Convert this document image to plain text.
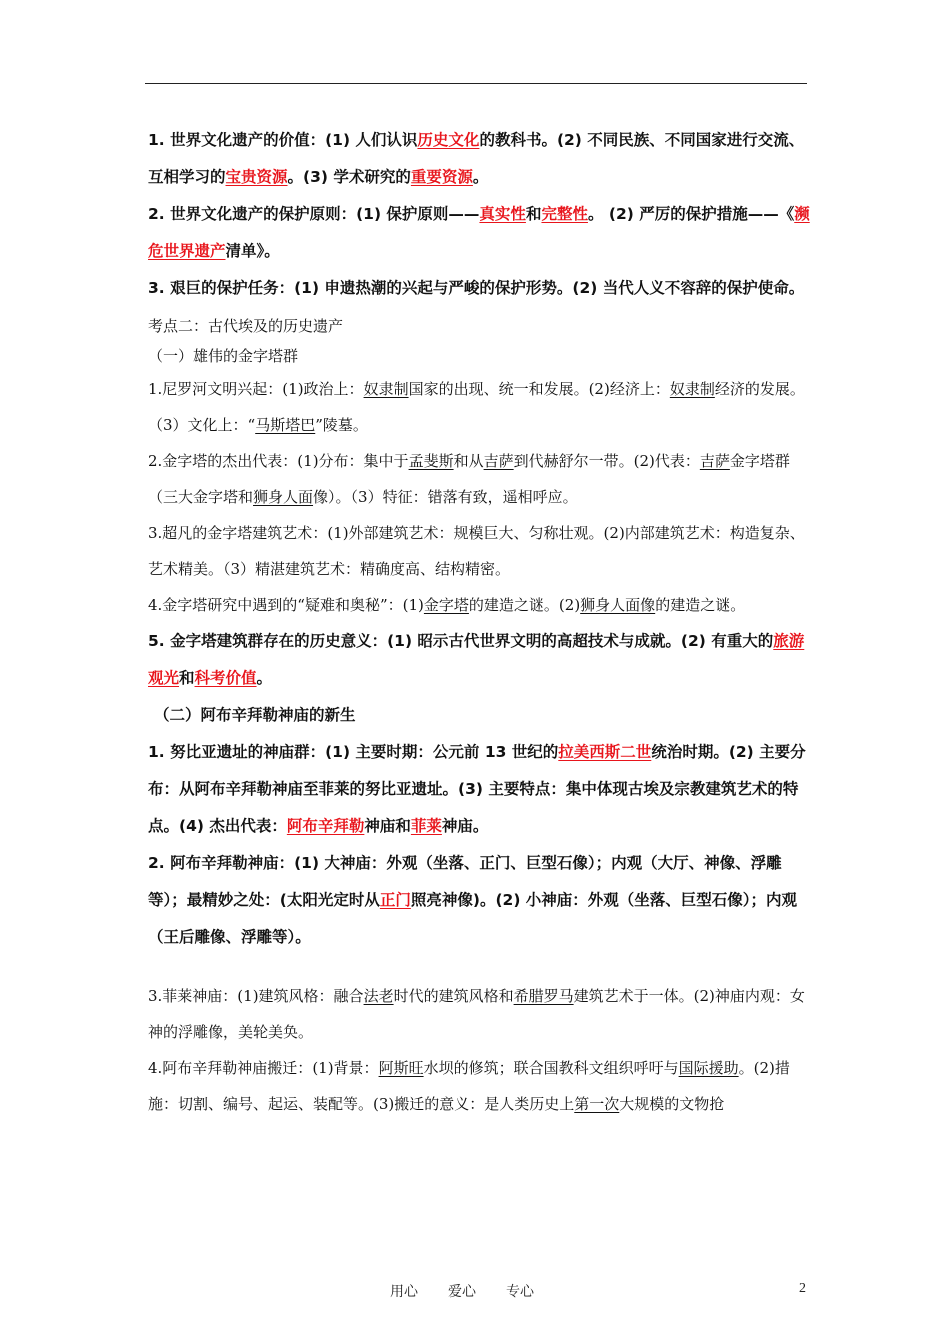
1. 世界文化遗产的价值：(1) 人们认识历史文化的教科书。(2) 不同民族、不同国家进行交流、互相学习的宝贵资源。(3) 学术研究的重要资源。

2. 世界文化遗产的保护原则：(1) 保护原则——真实性和完整性。 (2) 严厉的保护措施——《濒危世界遗产清单》。

3. 艰巨的保护任务：(1) 申遗热潮的兴起与严峻的保护形势。(2) 当代人义不容辞的保护使命。

考点二：古代埃及的历史遗产

（一）雄伟的金字塔群

1.尼罗河文明兴起：(1)政治上：奴隶制国家的出现、统一和发展。(2)经济上：奴隶制经济的发展。（3）文化上：“马斯塔巴”陵墓。

2.金字塔的杰出代表：(1)分布：集中于孟斐斯和从吉萨到代赫舒尔一带。(2)代表：吉萨金字塔群（三大金字塔和狮身人面像）。（3）特征：错落有致，遥相呼应。

3.超凡的金字塔建筑艺术：(1)外部建筑艺术：规模巨大、匀称壮观。(2)内部建筑艺术：构造复杂、艺术精美。（3）精湛建筑艺术：精确度高、结构精密。

4.金字塔研究中遇到的“疑难和奥秘”：(1)金字塔的建造之谜。(2)狮身人面像的建造之谜。

5. 金字塔建筑群存在的历史意义：(1) 昭示古代世界文明的高超技术与成就。(2) 有重大的旅游观光和科考价值。

（二）阿布辛拜勒神庙的新生

1. 努比亚遗址的神庙群：(1) 主要时期：公元前 13 世纪的拉美西斯二世统治时期。(2) 主要分布：从阿布辛拜勒神庙至菲莱的努比亚遗址。(3) 主要特点：集中体现古埃及宗教建筑艺术的特点。(4) 杰出代表：阿布辛拜勒神庙和菲莱神庙。

2. 阿布辛拜勒神庙：(1) 大神庙：外观（坐落、正门、巨型石像）；内观（大厅、神像、浮雕等）；最精妙之处：(太阳光定时从正门照亮神像)。(2) 小神庙：外观（坐落、巨型石像）；内观（王后雕像、浮雕等）。

3.菲莱神庙：(1)建筑风格：融合法老时代的建筑风格和希腊罗马建筑艺术于一体。(2)神庙内观：女神的浮雕像，美轮美奂。

4.阿布辛拜勒神庙搬迁：(1)背景：阿斯旺水坝的修筑；联合国教科文组织呼吁与国际援助。(2)措施：切割、编号、起运、装配等。(3)搬迁的意义：是人类历史上第一次大规模的文物抢

用心 爱心 专心	2
